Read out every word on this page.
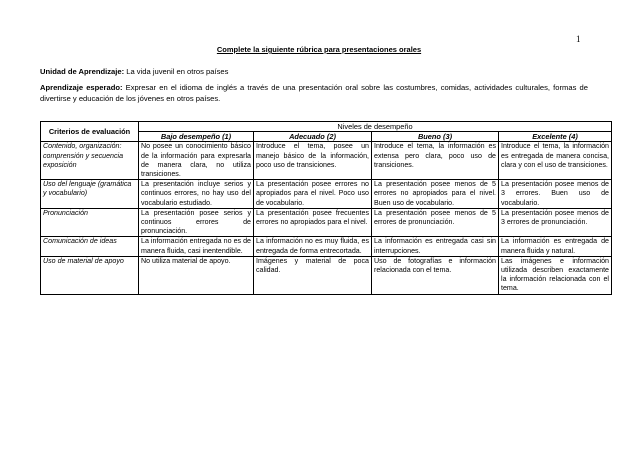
1
Complete la siguiente rúbrica para presentaciones orales
Unidad de Aprendizaje: La vida juvenil en otros países
Aprendizaje esperado: Expresar en el idioma de inglés a través de una presentación oral sobre las costumbres, comidas, actividades culturales, formas de divertirse y educación de los jóvenes en otros países.
Criterios de evaluación	Niveles de desempeño			
	Bajo desempeño (1)	Adecuado (2)	Bueno (3)	Excelente (4)
Contenido, organización: comprensión y secuencia exposición	No posee un conocimiento básico de la información para expresarla de manera clara, no utiliza transiciones.	Introduce el tema, posee un manejo básico de la información, poco uso de transiciones.	Introduce el tema, la información es extensa pero clara, poco uso de transiciones.	Introduce el tema, la información es entregada de manera concisa, clara y con el uso de transiciones.
Uso del lenguaje (gramática y vocabulario)	La presentación incluye serios y continuos errores, no hay uso del vocabulario estudiado.	La presentación posee errores no apropiados para el nivel. Poco uso de vocabulario.	La presentación posee menos de 5 errores no apropiados para el nivel. Buen uso de vocabulario.	La presentación posee menos de 3 errores. Buen uso de vocabulario.
Pronunciación	La presentación posee serios y continuos errores de pronunciación.	La presentación posee frecuentes errores no apropiados para el nivel.	La presentación posee menos de 5 errores de pronunciación.	La presentación posee menos de 3 errores de pronunciación.
Comunicación de ideas	La información entregada no es de manera fluida, casi inentendible.	La información no es muy fluida, es entregada de forma entrecortada.	La información es entregada casi sin interrupciones.	La información es entregada de manera fluida y natural.
Uso de material de apoyo	No utiliza material de apoyo.	Imágenes y material de poca calidad.	Uso de fotografías e información relacionada con el tema.	Las imágenes e información utilizada describen exactamente la información relacionada con el tema.
